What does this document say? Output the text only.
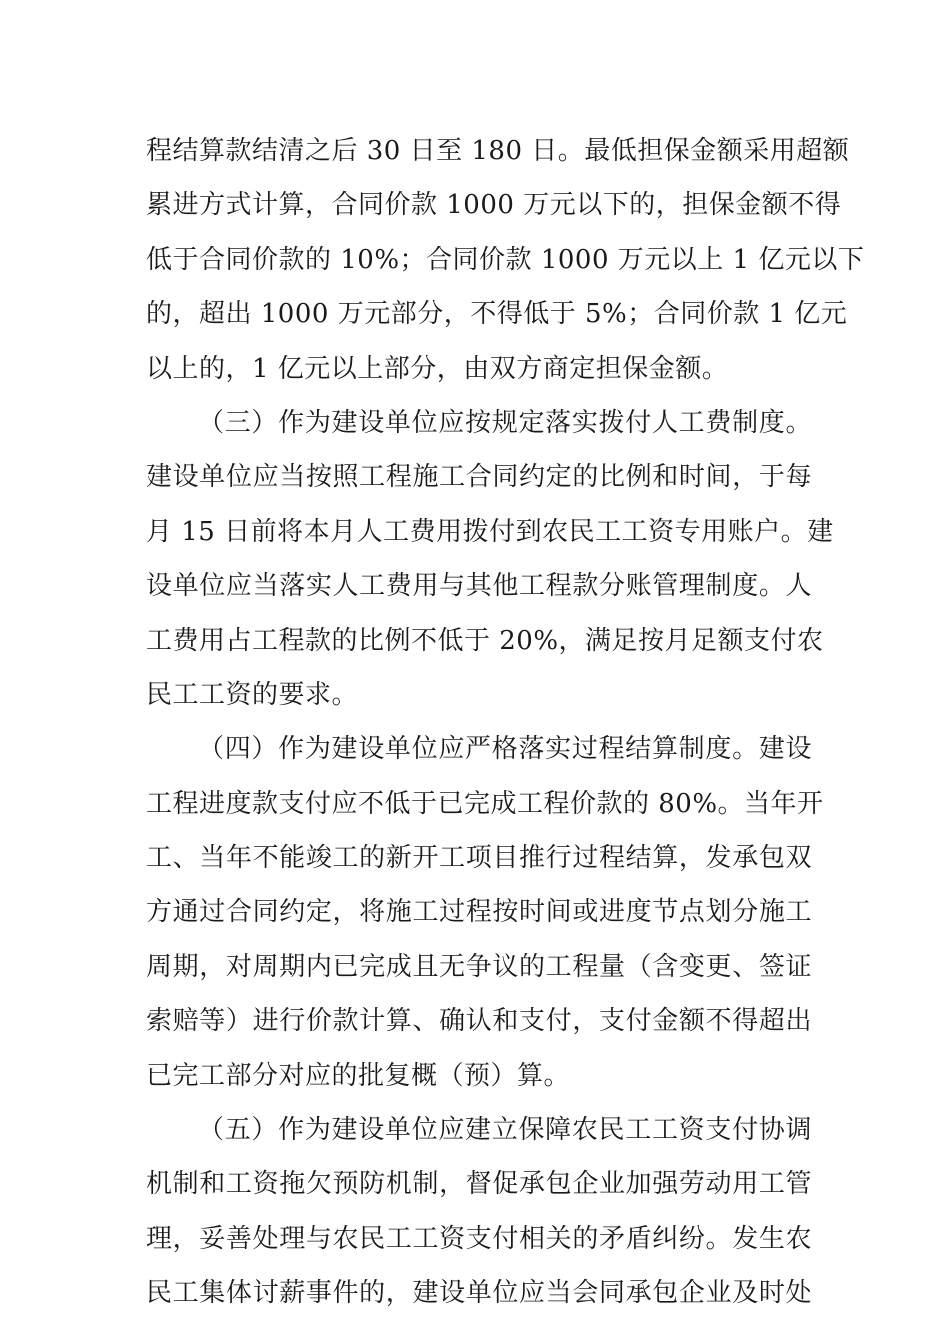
程结算款结清之后 30 日至 180 日。最低担保金额采用超额
累进方式计算，合同价款 1000 万元以下的，担保金额不得
低于合同价款的 10%；合同价款 1000 万元以上 1 亿元以下
的，超出 1000 万元部分，不得低于 5%；合同价款 1 亿元
以上的，1 亿元以上部分，由双方商定担保金额。
（三）作为建设单位应按规定落实拨付人工费制度。
建设单位应当按照工程施工合同约定的比例和时间，于每
月 15 日前将本月人工费用拨付到农民工工资专用账户。建
设单位应当落实人工费用与其他工程款分账管理制度。人
工费用占工程款的比例不低于 20%，满足按月足额支付农
民工工资的要求。
（四）作为建设单位应严格落实过程结算制度。建设
工程进度款支付应不低于已完成工程价款的 80%。当年开
工、当年不能竣工的新开工项目推行过程结算，发承包双
方通过合同约定，将施工过程按时间或进度节点划分施工
周期，对周期内已完成且无争议的工程量（含变更、签证
索赔等）进行价款计算、确认和支付，支付金额不得超出
已完工部分对应的批复概（预）算。
（五）作为建设单位应建立保障农民工工资支付协调
机制和工资拖欠预防机制，督促承包企业加强劳动用工管
理，妥善处理与农民工工资支付相关的矛盾纠纷。发生农
民工集体讨薪事件的，建设单位应当会同承包企业及时处
